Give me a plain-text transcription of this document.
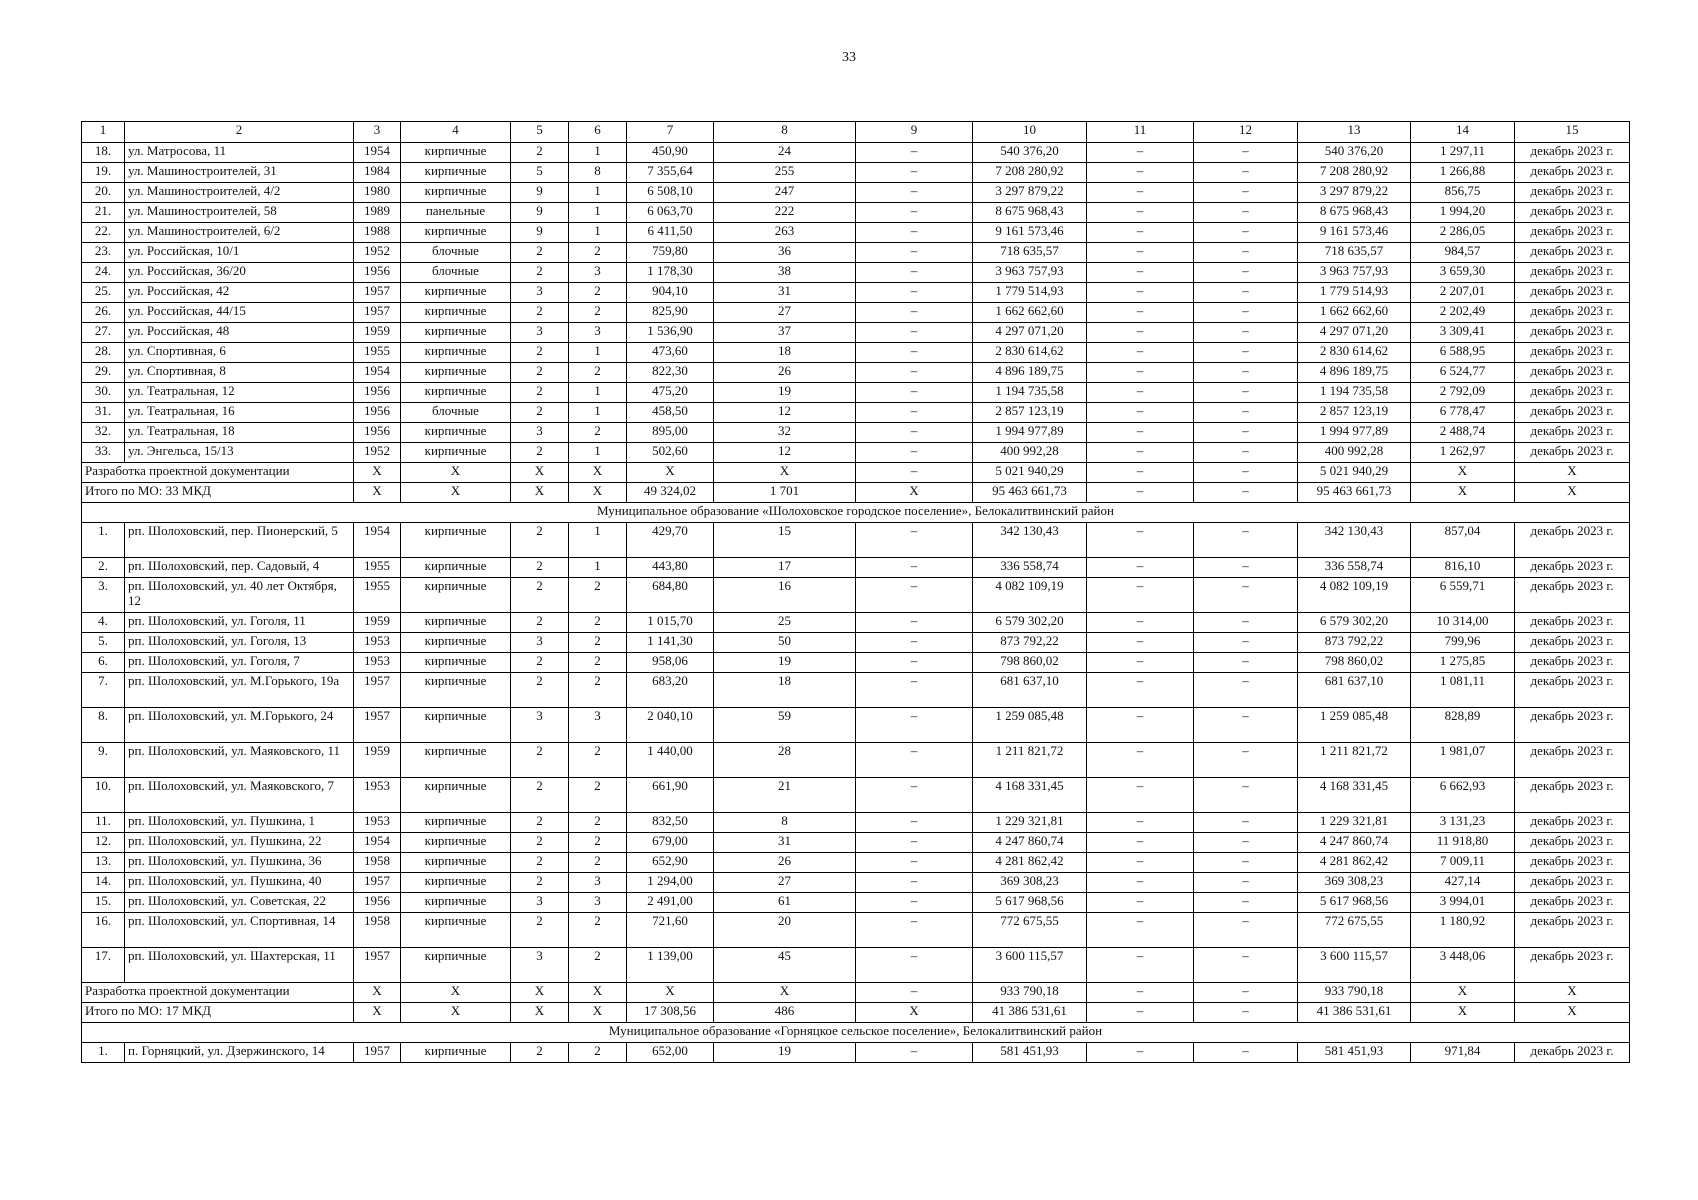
33
1	2	3	4	5	6	7	8	9	10	11	12	13	14	15
18.	ул. Матросова, 11	1954	кирпичные	2	1	450,90	24	–	540 376,20	–	–	540 376,20	1 297,11	декабрь 2023 г.
19.	ул. Машиностроителей, 31	1984	кирпичные	5	8	7 355,64	255	–	7 208 280,92	–	–	7 208 280,92	1 266,88	декабрь 2023 г.
20.	ул. Машиностроителей, 4/2	1980	кирпичные	9	1	6 508,10	247	–	3 297 879,22	–	–	3 297 879,22	856,75	декабрь 2023 г.
21.	ул. Машиностроителей, 58	1989	панельные	9	1	6 063,70	222	–	8 675 968,43	–	–	8 675 968,43	1 994,20	декабрь 2023 г.
22.	ул. Машиностроителей, 6/2	1988	кирпичные	9	1	6 411,50	263	–	9 161 573,46	–	–	9 161 573,46	2 286,05	декабрь 2023 г.
23.	ул. Российская, 10/1	1952	блочные	2	2	759,80	36	–	718 635,57	–	–	718 635,57	984,57	декабрь 2023 г.
24.	ул. Российская, 36/20	1956	блочные	2	3	1 178,30	38	–	3 963 757,93	–	–	3 963 757,93	3 659,30	декабрь 2023 г.
25.	ул. Российская, 42	1957	кирпичные	3	2	904,10	31	–	1 779 514,93	–	–	1 779 514,93	2 207,01	декабрь 2023 г.
26.	ул. Российская, 44/15	1957	кирпичные	2	2	825,90	27	–	1 662 662,60	–	–	1 662 662,60	2 202,49	декабрь 2023 г.
27.	ул. Российская, 48	1959	кирпичные	3	3	1 536,90	37	–	4 297 071,20	–	–	4 297 071,20	3 309,41	декабрь 2023 г.
28.	ул. Спортивная, 6	1955	кирпичные	2	1	473,60	18	–	2 830 614,62	–	–	2 830 614,62	6 588,95	декабрь 2023 г.
29.	ул. Спортивная, 8	1954	кирпичные	2	2	822,30	26	–	4 896 189,75	–	–	4 896 189,75	6 524,77	декабрь 2023 г.
30.	ул. Театральная, 12	1956	кирпичные	2	1	475,20	19	–	1 194 735,58	–	–	1 194 735,58	2 792,09	декабрь 2023 г.
31.	ул. Театральная, 16	1956	блочные	2	1	458,50	12	–	2 857 123,19	–	–	2 857 123,19	6 778,47	декабрь 2023 г.
32.	ул. Театральная, 18	1956	кирпичные	3	2	895,00	32	–	1 994 977,89	–	–	1 994 977,89	2 488,74	декабрь 2023 г.
33.	ул. Энгельса, 15/13	1952	кирпичные	2	1	502,60	12	–	400 992,28	–	–	400 992,28	1 262,97	декабрь 2023 г.
Разработка проектной документации		X	X	X	X	X	X	–	5 021 940,29	–	–	5 021 940,29	X	X
Итого по МО: 33 МКД		X	X	X	X	49 324,02	1 701	X	95 463 661,73	–	–	95 463 661,73	X	X
Муниципальное образование «Шолоховское городское поселение», Белокалитвинский район														
1.	рп. Шолоховский, пер. Пионерский, 5	1954	кирпичные	2	1	429,70	15	–	342 130,43	–	–	342 130,43	857,04	декабрь 2023 г.
2.	рп. Шолоховский, пер. Садовый, 4	1955	кирпичные	2	1	443,80	17	–	336 558,74	–	–	336 558,74	816,10	декабрь 2023 г.
3.	рп. Шолоховский, ул. 40 лет Октября, 12	1955	кирпичные	2	2	684,80	16	–	4 082 109,19	–	–	4 082 109,19	6 559,71	декабрь 2023 г.
4.	рп. Шолоховский, ул. Гоголя, 11	1959	кирпичные	2	2	1 015,70	25	–	6 579 302,20	–	–	6 579 302,20	10 314,00	декабрь 2023 г.
5.	рп. Шолоховский, ул. Гоголя, 13	1953	кирпичные	3	2	1 141,30	50	–	873 792,22	–	–	873 792,22	799,96	декабрь 2023 г.
6.	рп. Шолоховский, ул. Гоголя, 7	1953	кирпичные	2	2	958,06	19	–	798 860,02	–	–	798 860,02	1 275,85	декабрь 2023 г.
7.	рп. Шолоховский, ул. М.Горького, 19а	1957	кирпичные	2	2	683,20	18	–	681 637,10	–	–	681 637,10	1 081,11	декабрь 2023 г.
8.	рп. Шолоховский, ул. М.Горького, 24	1957	кирпичные	3	3	2 040,10	59	–	1 259 085,48	–	–	1 259 085,48	828,89	декабрь 2023 г.
9.	рп. Шолоховский, ул. Маяковского, 11	1959	кирпичные	2	2	1 440,00	28	–	1 211 821,72	–	–	1 211 821,72	1 981,07	декабрь 2023 г.
10.	рп. Шолоховский, ул. Маяковского, 7	1953	кирпичные	2	2	661,90	21	–	4 168 331,45	–	–	4 168 331,45	6 662,93	декабрь 2023 г.
11.	рп. Шолоховский, ул. Пушкина, 1	1953	кирпичные	2	2	832,50	8	–	1 229 321,81	–	–	1 229 321,81	3 131,23	декабрь 2023 г.
12.	рп. Шолоховский, ул. Пушкина, 22	1954	кирпичные	2	2	679,00	31	–	4 247 860,74	–	–	4 247 860,74	11 918,80	декабрь 2023 г.
13.	рп. Шолоховский, ул. Пушкина, 36	1958	кирпичные	2	2	652,90	26	–	4 281 862,42	–	–	4 281 862,42	7 009,11	декабрь 2023 г.
14.	рп. Шолоховский, ул. Пушкина, 40	1957	кирпичные	2	3	1 294,00	27	–	369 308,23	–	–	369 308,23	427,14	декабрь 2023 г.
15.	рп. Шолоховский, ул. Советская, 22	1956	кирпичные	3	3	2 491,00	61	–	5 617 968,56	–	–	5 617 968,56	3 994,01	декабрь 2023 г.
16.	рп. Шолоховский, ул. Спортивная, 14	1958	кирпичные	2	2	721,60	20	–	772 675,55	–	–	772 675,55	1 180,92	декабрь 2023 г.
17.	рп. Шолоховский, ул. Шахтерская, 11	1957	кирпичные	3	2	1 139,00	45	–	3 600 115,57	–	–	3 600 115,57	3 448,06	декабрь 2023 г.
Разработка проектной документации		X	X	X	X	X	X	–	933 790,18	–	–	933 790,18	X	X
Итого по МО: 17 МКД		X	X	X	X	17 308,56	486	X	41 386 531,61	–	–	41 386 531,61	X	X
Муниципальное образование «Горняцкое сельское поселение», Белокалитвинский район														
1.	п. Горняцкий, ул. Дзержинского, 14	1957	кирпичные	2	2	652,00	19	–	581 451,93	–	–	581 451,93	971,84	декабрь 2023 г.
